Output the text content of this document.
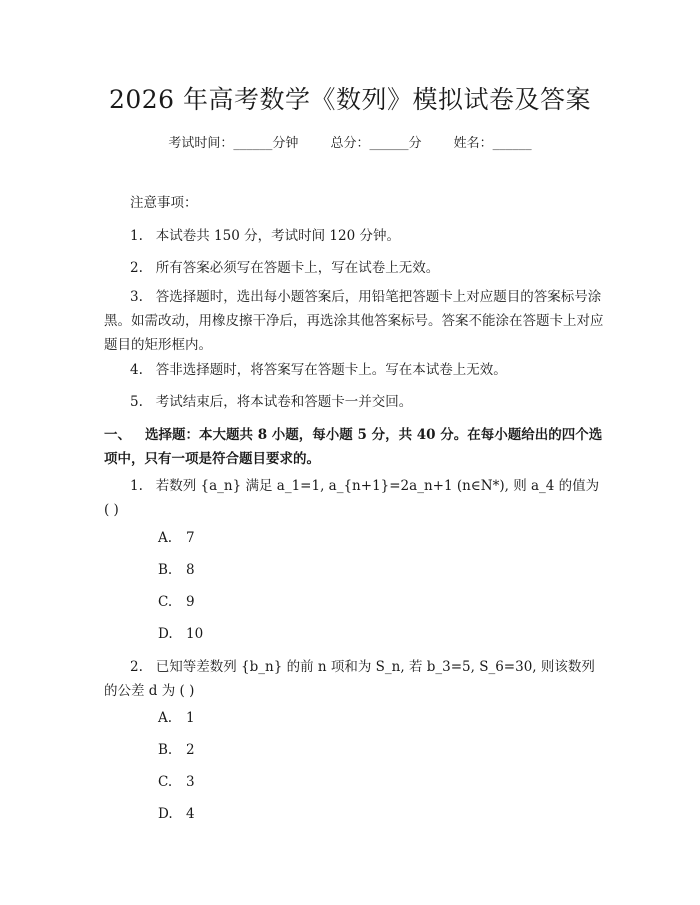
2026 年高考数学《数列》模拟试卷及答案
考试时间：______分钟 总分：______分 姓名：______
注意事项：
1.   本试卷共 150 分，考试时间 120 分钟。
2.   所有答案必须写在答题卡上，写在试卷上无效。
3.   答选择题时，选出每小题答案后，用铅笔把答题卡上对应题目的答案标号涂黑。如需改动，用橡皮擦干净后，再选涂其他答案标号。答案不能涂在答题卡上对应题目的矩形框内。
4.   答非选择题时，将答案写在答题卡上。写在本试卷上无效。
5.   考试结束后，将本试卷和答题卡一并交回。
一、 选择题：本大题共 8 小题，每小题 5 分，共 40 分。在每小题给出的四个选项中，只有一项是符合题目要求的。
1.   若数列 {a_n} 满足 a_1=1, a_{n+1}=2a_n+1 (n∈N*), 则 a_4 的值为 ( )
A. 7
B. 8
C. 9
D. 10
2.   已知等差数列 {b_n} 的前 n 项和为 S_n, 若 b_3=5, S_6=30, 则该数列的公差 d 为 ( )
A. 1
B. 2
C. 3
D. 4
